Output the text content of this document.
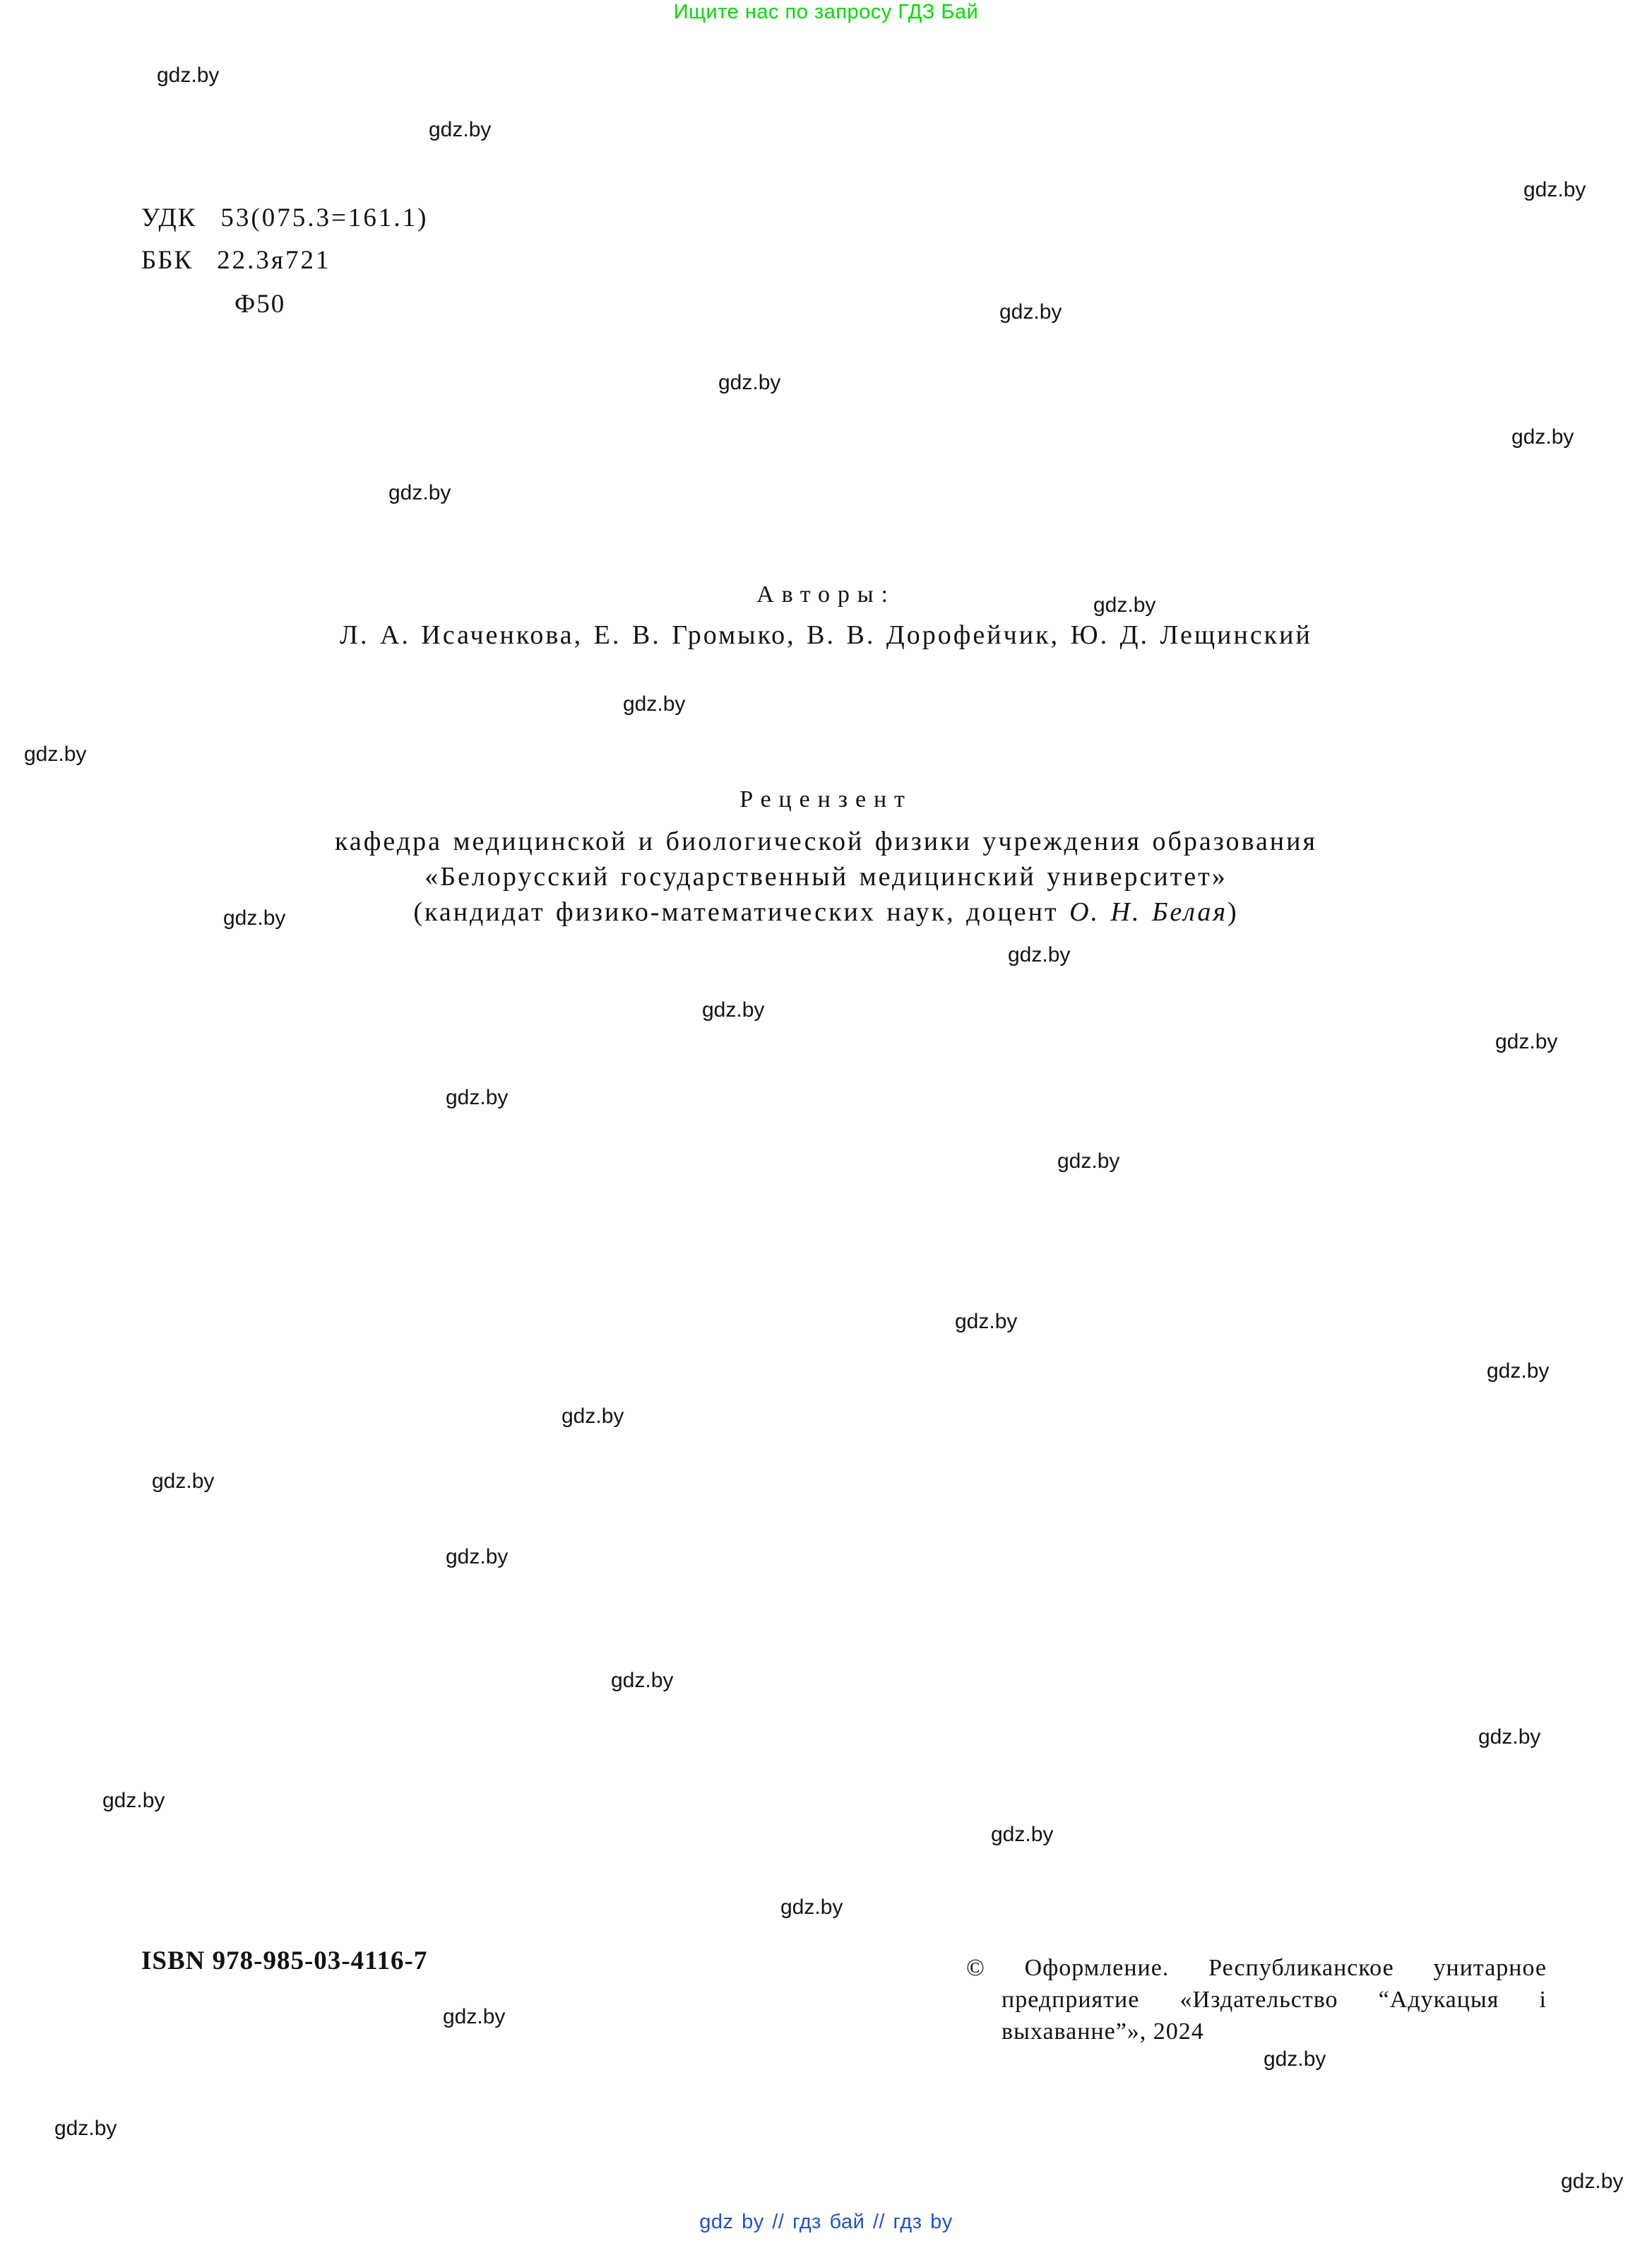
Ищите нас по запросу ГДЗ Бай
УДК 53(075.3=161.1)
ББК 22.3я721
Ф50
Авторы:
Л. А. Исаченкова, Е. В. Громыко, В. В. Дорофейчик, Ю. Д. Лещинский
Рецензент
кафедра медицинской и биологической физики учреждения образования
«Белорусский государственный медицинский университет»
(кандидат физико-математических наук, доцент О. Н. Белая)
ISBN 978-985-03-4116-7	© Оформление. Республиканское унитарное
предприятие «Издательство “Адукацыя і
выхаванне”», 2024
gdz.by
gdz.by
gdz.by
gdz.by
gdz.by
gdz.by
gdz.by
gdz.by
gdz.by
gdz.by
gdz.by
gdz.by
gdz.by
gdz.by
gdz.by
gdz.by
gdz.by
gdz.by
gdz.by
gdz.by
gdz.by
gdz.by
gdz.by
gdz.by
gdz.by
gdz.by
gdz.by
gdz.by
gdz.by
gdz.by
gdz by // гдз бай // гдз by
